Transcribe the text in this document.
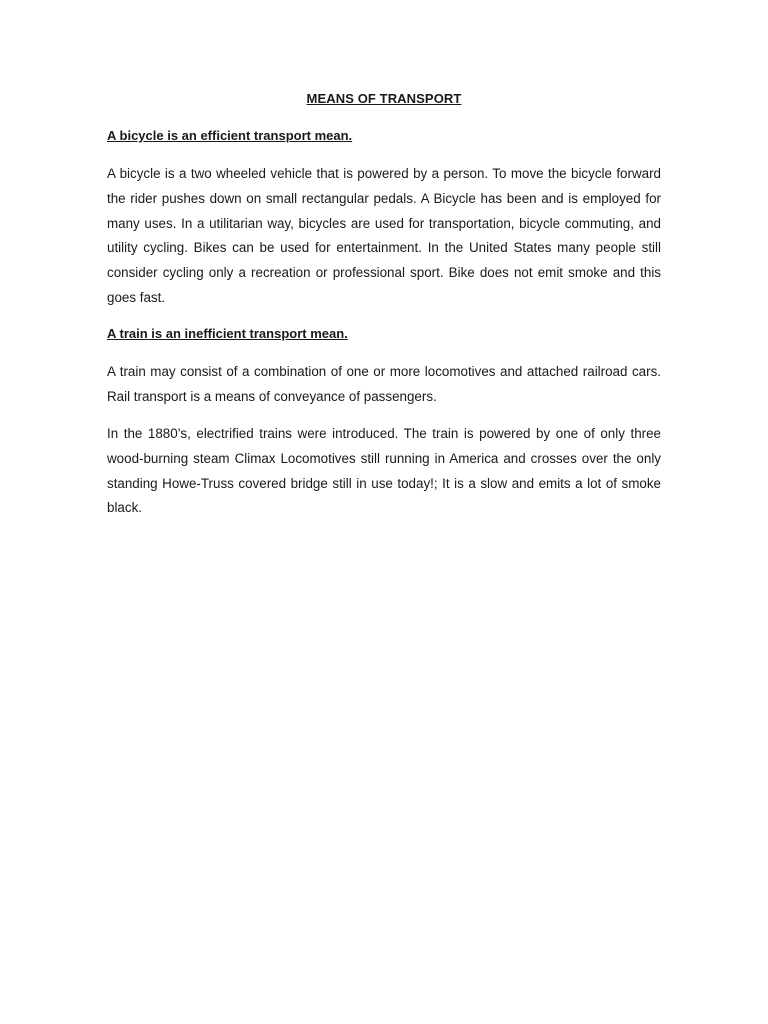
MEANS OF TRANSPORT
A bicycle is an efficient transport mean.
A bicycle is a two wheeled vehicle that is powered by a person. To move the bicycle forward the rider pushes down on small rectangular pedals. A Bicycle has been and is employed for many uses. In a utilitarian way, bicycles are used for transportation, bicycle commuting, and utility cycling. Bikes can be used for entertainment. In the United States many people still consider cycling only a recreation or professional sport. Bike does not emit smoke and this goes fast.
A train is an inefficient transport mean.
A train may consist of a combination of one or more locomotives and attached railroad cars. Rail transport is a means of conveyance of passengers.
In the 1880’s, electrified trains were introduced. The train is powered by one of only three wood-burning steam Climax Locomotives still running in America and crosses over the only standing Howe-Truss covered bridge still in use today!; It is a slow and emits a lot of smoke black.
